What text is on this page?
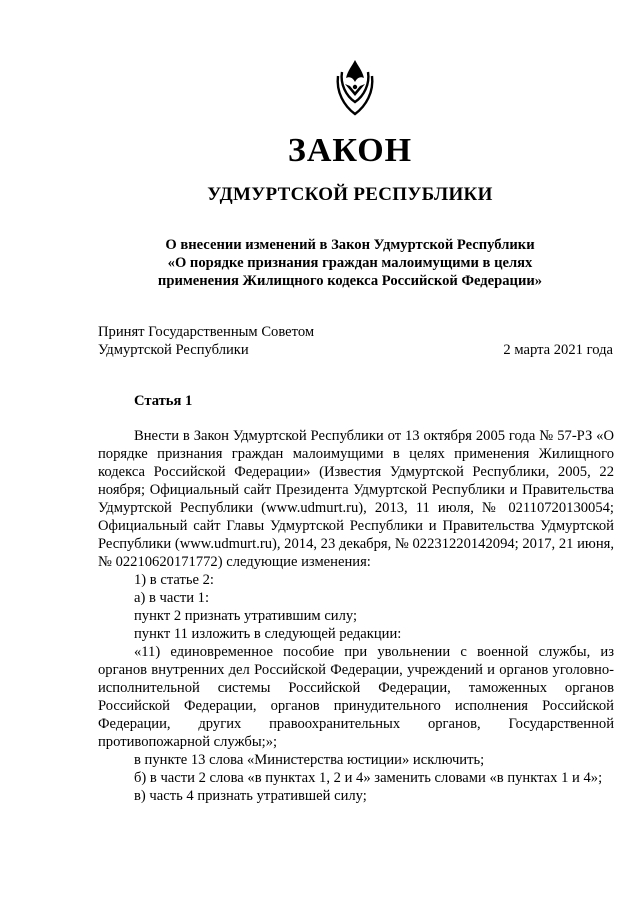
ЗАКОН
УДМУРТСКОЙ РЕСПУБЛИКИ
О внесении изменений в Закон Удмуртской Республики
«О порядке признания граждан малоимущими в целях
применения Жилищного кодекса Российской Федерации»
Принят Государственным Советом
Удмуртской Республики	2 марта 2021 года
Статья 1

Внести в Закон Удмуртской Республики от 13 октября 2005 года № 57-РЗ «О порядке признания граждан малоимущими в целях применения Жилищного кодекса Российской Федерации» (Известия Удмуртской Республики, 2005, 22 ноября; Официальный сайт Президента Удмуртской Республики и Правительства Удмуртской Республики (www.udmurt.ru), 2013, 11 июля, № 02110720130054; Официальный сайт Главы Удмуртской Республики и Правительства Удмуртской Республики (www.udmurt.ru), 2014, 23 декабря, № 02231220142094; 2017, 21 июня, № 02210620171772) следующие изменения:

1) в статье 2:

а) в части 1:

пункт 2 признать утратившим силу;

пункт 11 изложить в следующей редакции:

«11) единовременное пособие при увольнении с военной службы, из органов внутренних дел Российской Федерации, учреждений и органов уголовно-исполнительной системы Российской Федерации, таможенных органов Российской Федерации, органов принудительного исполнения Российской Федерации, других правоохранительных органов, Государственной противопожарной службы;»;

в пункте 13 слова «Министерства юстиции» исключить;

б) в части 2 слова «в пунктах 1, 2 и 4» заменить словами «в пунктах 1 и 4»;

в) часть 4 признать утратившей силу;
